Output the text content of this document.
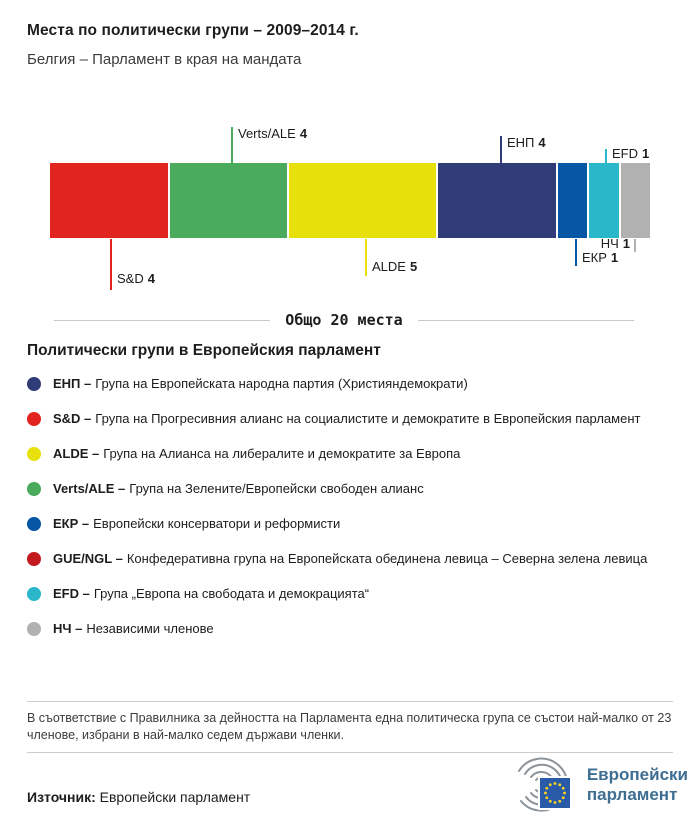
Места по политически групи – 2009–2014 г.
Белгия – Парламент в края на мандата
Verts/ALE 4
ЕНП 4
EFD 1
S&D 4
ALDE 5
ЕКР 1
НЧ 1
Общо 20 места
Политически групи в Европейския парламент
ЕНП – Група на Европейската народна партия (Християндемократи)
S&D – Група на Прогресивния алианс на социалистите и демократите в Европейския парламент
ALDE – Група на Алианса на либералите и демократите за Европа
Verts/ALE – Група на Зелените/Европейски свободен алианс
ЕКР – Европейски консерватори и реформисти
GUE/NGL – Конфедеративна група на Европейската обединена левица – Северна зелена левица
EFD – Група „Европа на свободата и демокрацията“
НЧ – Независими членове

В съответствие с Правилника за дейността на Парламента една политическа група се състои най-малко от 23 членове, избрани в най-малко седем държави членки.

Източник: Европейски парламент

Европейски
парламент
